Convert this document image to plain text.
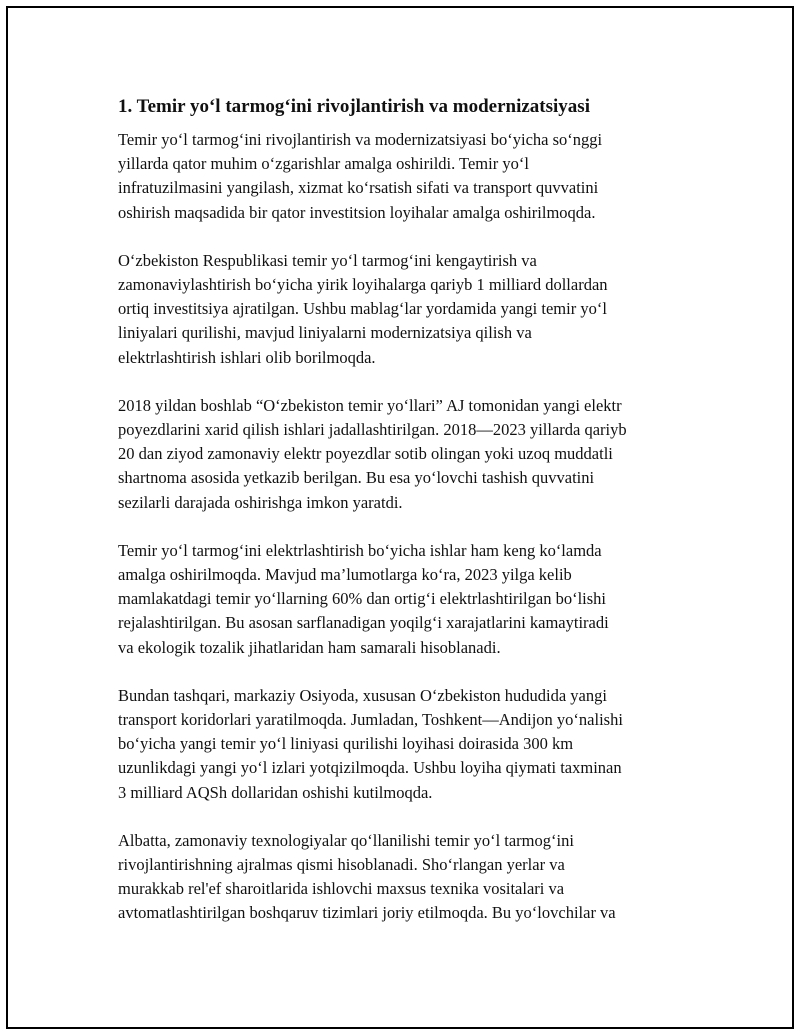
1. Temir yo‘l tarmog‘ini rivojlantirish va modernizatsiyasi

Temir yo‘l tarmog‘ini rivojlantirish va modernizatsiyasi bo‘yicha so‘nggi
yillarda qator muhim o‘zgarishlar amalga oshirildi. Temir yo‘l
infratuzilmasini yangilash, xizmat ko‘rsatish sifati va transport quvvatini
oshirish maqsadida bir qator investitsion loyihalar amalga oshirilmoqda.

O‘zbekiston Respublikasi temir yo‘l tarmog‘ini kengaytirish va
zamonaviylashtirish bo‘yicha yirik loyihalarga qariyb 1 milliard dollardan
ortiq investitsiya ajratilgan. Ushbu mablag‘lar yordamida yangi temir yo‘l
liniyalari qurilishi, mavjud liniyalarni modernizatsiya qilish va
elektrlashtirish ishlari olib borilmoqda.

2018 yildan boshlab “O‘zbekiston temir yo‘llari” AJ tomonidan yangi elektr
poyezdlarini xarid qilish ishlari jadallashtirilgan. 2018—2023 yillarda qariyb
20 dan ziyod zamonaviy elektr poyezdlar sotib olingan yoki uzoq muddatli
shartnoma asosida yetkazib berilgan. Bu esa yo‘lovchi tashish quvvatini
sezilarli darajada oshirishga imkon yaratdi.

Temir yo‘l tarmog‘ini elektrlashtirish bo‘yicha ishlar ham keng ko‘lamda
amalga oshirilmoqda. Mavjud ma’lumotlarga ko‘ra, 2023 yilga kelib
mamlakatdagi temir yo‘llarning 60% dan ortig‘i elektrlashtirilgan bo‘lishi
rejalashtirilgan. Bu asosan sarflanadigan yoqilg‘i xarajatlarini kamaytiradi
va ekologik tozalik jihatlaridan ham samarali hisoblanadi.

Bundan tashqari, markaziy Osiyoda, xususan O‘zbekiston hududida yangi
transport koridorlari yaratilmoqda. Jumladan, Toshkent—Andijon yo‘nalishi
bo‘yicha yangi temir yo‘l liniyasi qurilishi loyihasi doirasida 300 km
uzunlikdagi yangi yo‘l izlari yotqizilmoqda. Ushbu loyiha qiymati taxminan
3 milliard AQSh dollaridan oshishi kutilmoqda.

Albatta, zamonaviy texnologiyalar qo‘llanilishi temir yo‘l tarmog‘ini
rivojlantirishning ajralmas qismi hisoblanadi. Sho‘rlangan yerlar va
murakkab rel'ef sharoitlarida ishlovchi maxsus texnika vositalari va
avtomatlashtirilgan boshqaruv tizimlari joriy etilmoqda. Bu yo‘lovchilar va
